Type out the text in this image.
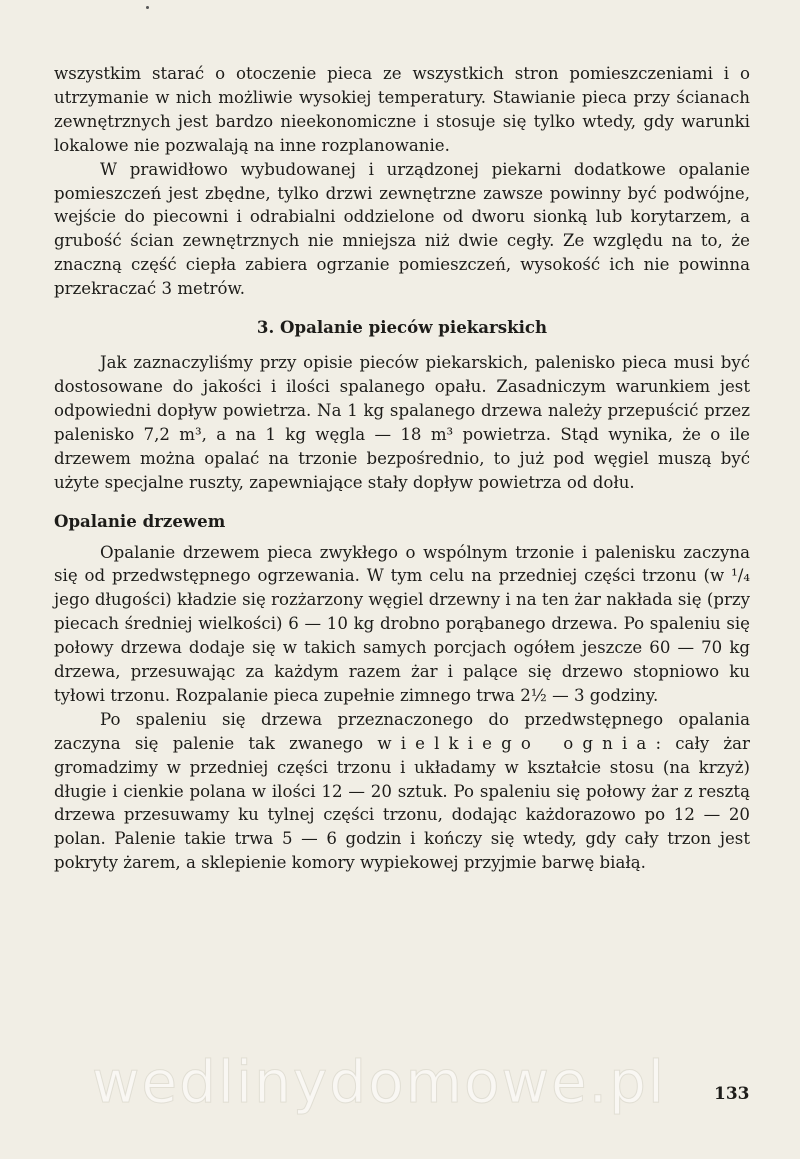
wszystkim starać o otoczenie pieca ze wszystkich stron pomieszczeniami i o utrzymanie w nich możliwie wysokiej temperatury. Stawianie pieca przy ścianach zewnętrznych jest bardzo nieekonomiczne i stosuje się tylko wtedy, gdy warunki lokalowe nie pozwalają na inne rozplanowanie.

W prawidłowo wybudowanej i urządzonej piekarni dodatkowe opalanie pomieszczeń jest zbędne, tylko drzwi zewnętrzne zawsze powinny być podwójne, wejście do piecowni i odrabialni oddzielone od dworu sionką lub korytarzem, a grubość ścian zewnętrznych nie mniejsza niż dwie cegły. Ze względu na to, że znaczną część ciepła zabiera ogrzanie pomieszczeń, wysokość ich nie powinna przekraczać 3 metrów.

3. Opalanie pieców piekarskich

Jak zaznaczyliśmy przy opisie pieców piekarskich, palenisko pieca musi być dostosowane do jakości i ilości spalanego opału. Zasadniczym warunkiem jest odpowiedni dopływ powietrza. Na 1 kg spalanego drzewa należy przepuścić przez palenisko 7,2 m³, a na 1 kg węgla — 18 m³ powietrza. Stąd wynika, że o ile drzewem można opalać na trzonie bezpośrednio, to już pod węgiel muszą być użyte specjalne ruszty, zapewniające stały dopływ powietrza od dołu.

Opalanie drzewem

Opalanie drzewem pieca zwykłego o wspólnym trzonie i palenisku zaczyna się od przedwstępnego ogrzewania. W tym celu na przedniej części trzonu (w ¹/₄ jego długości) kładzie się rozżarzony węgiel drzewny i na ten żar nakłada się (przy piecach średniej wielkości) 6 — 10 kg drobno porąbanego drzewa. Po spaleniu się połowy drzewa dodaje się w takich samych porcjach ogółem jeszcze 60 — 70 kg drzewa, przesuwając za każdym razem żar i palące się drzewo stopniowo ku tyłowi trzonu. Rozpalanie pieca zupełnie zimnego trwa 2½ — 3 godziny.

Po spaleniu się drzewa przeznaczonego do przedwstępnego opalania zaczyna się palenie tak zwanego wielkiego ognia: cały żar gromadzimy w przedniej części trzonu i układamy w kształcie stosu (na krzyż) długie i cienkie polana w ilości 12 — 20 sztuk. Po spaleniu się połowy żar z resztą drzewa przesuwamy ku tylnej części trzonu, dodając każdorazowo po 12 — 20 polan. Palenie takie trwa 5 — 6 godzin i kończy się wtedy, gdy cały trzon jest pokryty żarem, a sklepienie komory wypiekowej przyjmie barwę białą.

wedlinydomowe.pl	133
